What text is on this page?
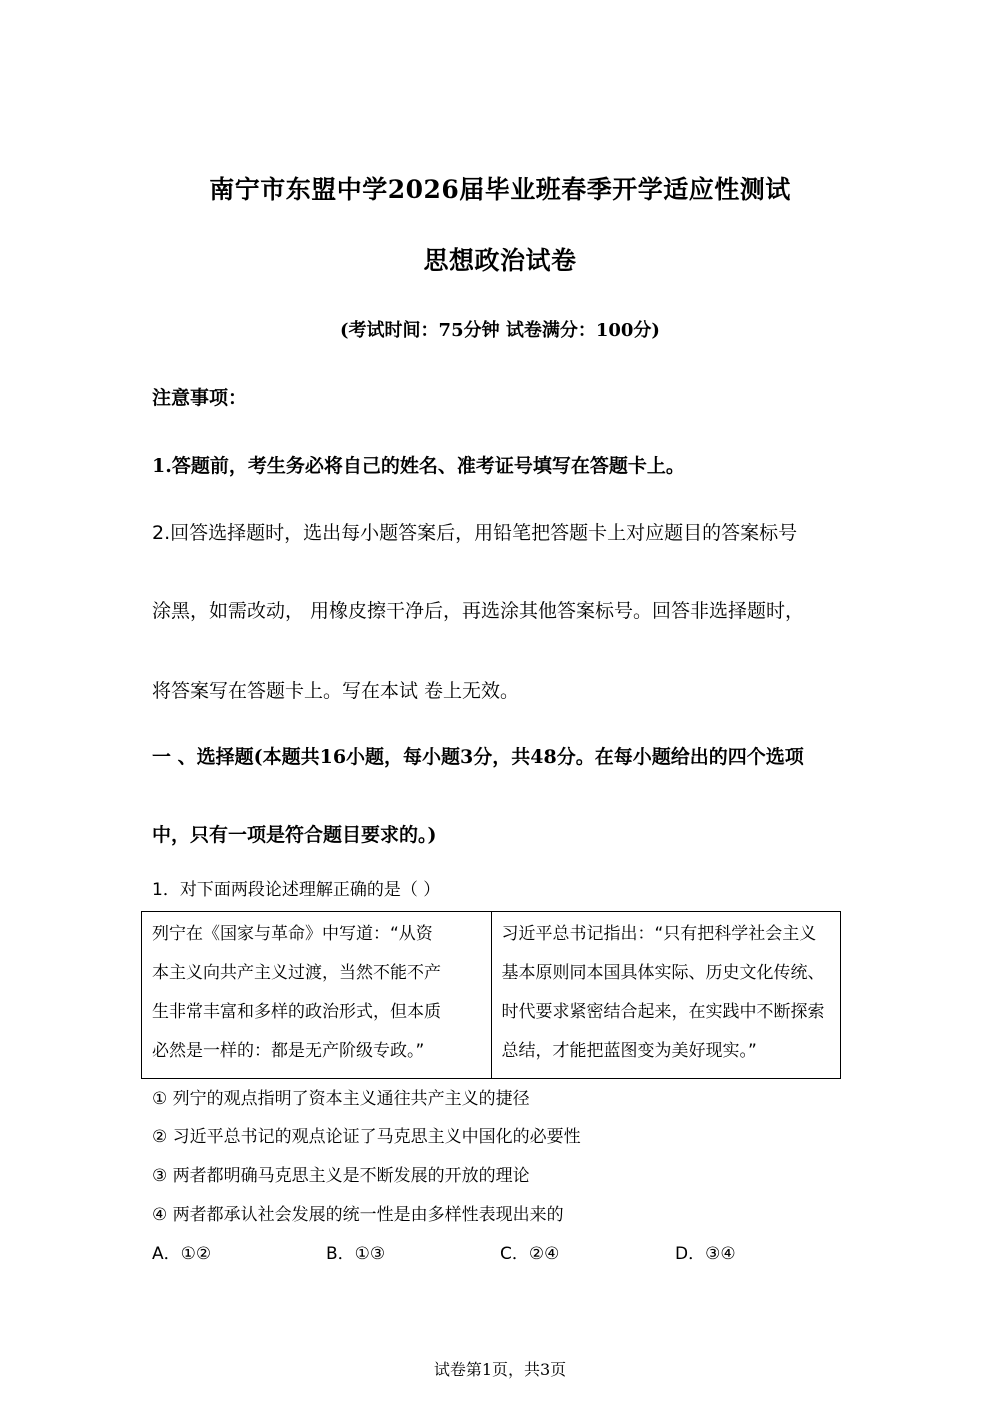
南宁市东盟中学2026届毕业班春季开学适应性测试
思想政治试卷
(考试时间：75分钟 试卷满分：100分)
注意事项：
1.答题前，考生务必将自己的姓名、准考证号填写在答题卡上。
2.回答选择题时，选出每小题答案后，用铅笔把答题卡上对应题目的答案标号
涂黑，如需改动， 用橡皮擦干净后，再选涂其他答案标号。回答非选择题时，
将答案写在答题卡上。写在本试 卷上无效。
一 、选择题(本题共16小题，每小题3分，共48分。在每小题给出的四个选项
中，只有一项是符合题目要求的。)
1．对下面两段论述理解正确的是（ ）
列宁在《国家与革命》中写道：“从资
本主义向共产主义过渡，当然不能不产
生非常丰富和多样的政治形式，但本质
必然是一样的：都是无产阶级专政。”

习近平总书记指出：“只有把科学社会主义
基本原则同本国具体实际、历史文化传统、
时代要求紧密结合起来，在实践中不断探索
总结，才能把蓝图变为美好现实。”
① 列宁的观点指明了资本主义通往共产主义的捷径
② 习近平总书记的观点论证了马克思主义中国化的必要性
③ 两者都明确马克思主义是不断发展的开放的理论
④ 两者都承认社会发展的统一性是由多样性表现出来的
A．①②	B．①③	C．②④	D．③④
试卷第1页，共3页
